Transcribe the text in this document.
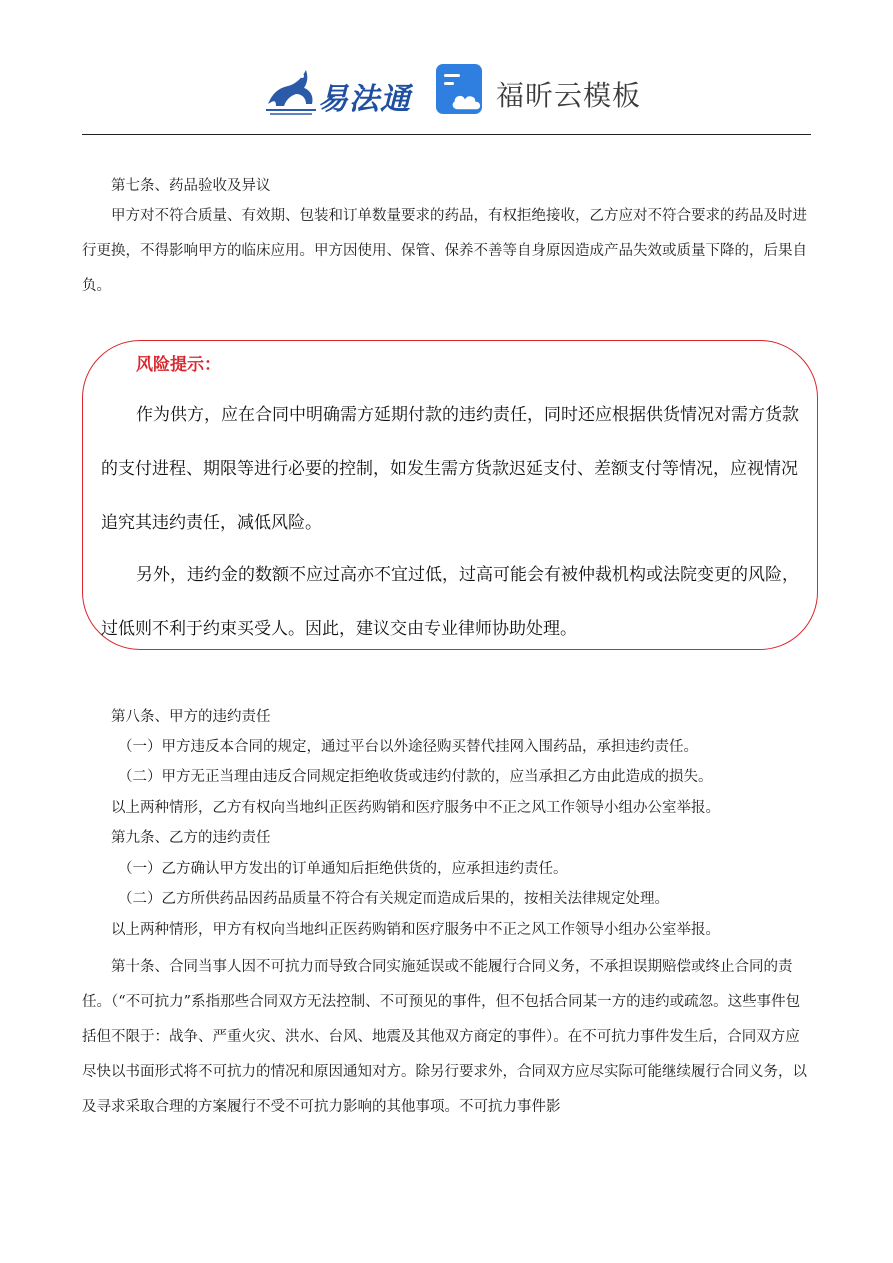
易法通	福昕云模板

第七条、药品验收及异议

甲方对不符合质量、有效期、包装和订单数量要求的药品，有权拒绝接收，乙方应对不符合要求的药品及时进行更换，不得影响甲方的临床应用。甲方因使用、保管、保养不善等自身原因造成产品失效或质量下降的，后果自负。

风险提示：

作为供方，应在合同中明确需方延期付款的违约责任，同时还应根据供货情况对需方货款的支付进程、期限等进行必要的控制，如发生需方货款迟延支付、差额支付等情况，应视情况追究其违约责任，减低风险。

另外，违约金的数额不应过高亦不宜过低，过高可能会有被仲裁机构或法院变更的风险，过低则不利于约束买受人。因此，建议交由专业律师协助处理。

第八条、甲方的违约责任

（一）甲方违反本合同的规定，通过平台以外途径购买替代挂网入围药品，承担违约责任。

（二）甲方无正当理由违反合同规定拒绝收货或违约付款的，应当承担乙方由此造成的损失。

以上两种情形，乙方有权向当地纠正医药购销和医疗服务中不正之风工作领导小组办公室举报。

第九条、乙方的违约责任

（一）乙方确认甲方发出的订单通知后拒绝供货的，应承担违约责任。

（二）乙方所供药品因药品质量不符合有关规定而造成后果的，按相关法律规定处理。

以上两种情形，甲方有权向当地纠正医药购销和医疗服务中不正之风工作领导小组办公室举报。

第十条、合同当事人因不可抗力而导致合同实施延误或不能履行合同义务，不承担误期赔偿或终止合同的责任。（“不可抗力”系指那些合同双方无法控制、不可预见的事件，但不包括合同某一方的违约或疏忽。这些事件包括但不限于：战争、严重火灾、洪水、台风、地震及其他双方商定的事件）。在不可抗力事件发生后，合同双方应尽快以书面形式将不可抗力的情况和原因通知对方。除另行要求外，合同双方应尽实际可能继续履行合同义务，以及寻求采取合理的方案履行不受不可抗力影响的其他事项。不可抗力事件影
